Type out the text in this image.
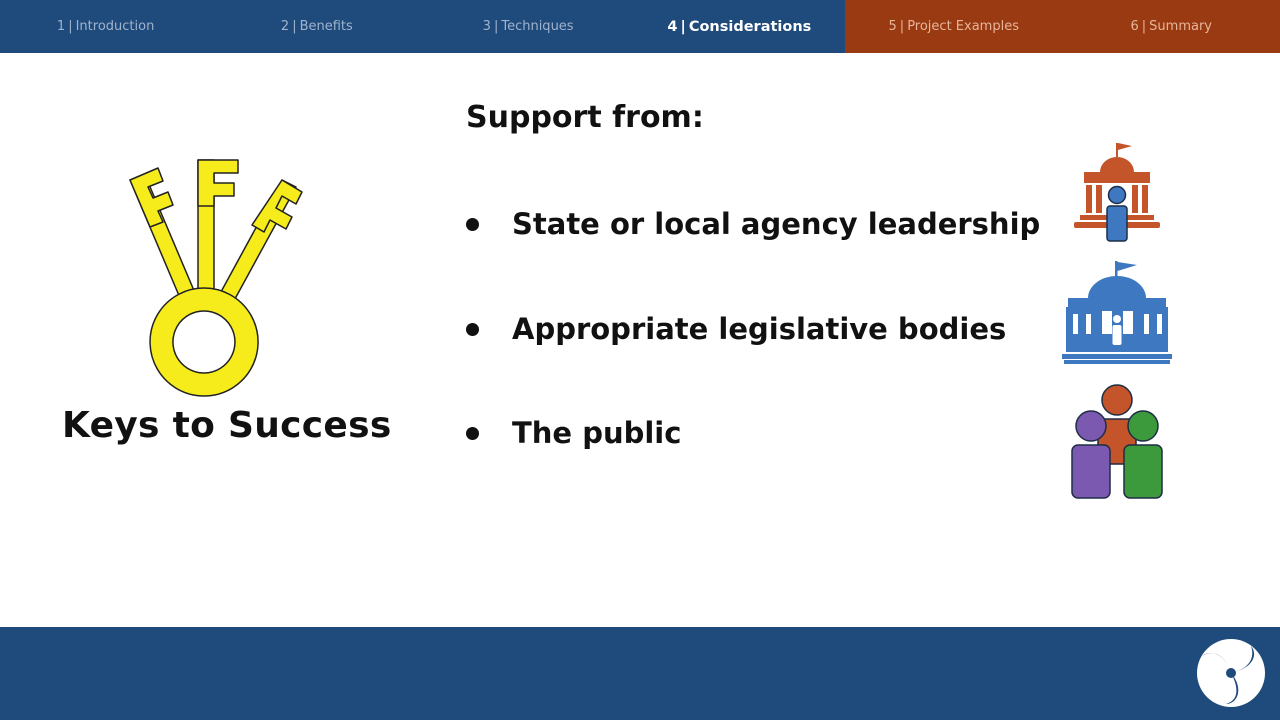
1 | Introduction	2 | Benefits	3 | Techniques	4 | Considerations	5 | Project Examples	6 | Summary
Keys to Success
Support from:
State or local agency leadership
Appropriate legislative bodies
The public
